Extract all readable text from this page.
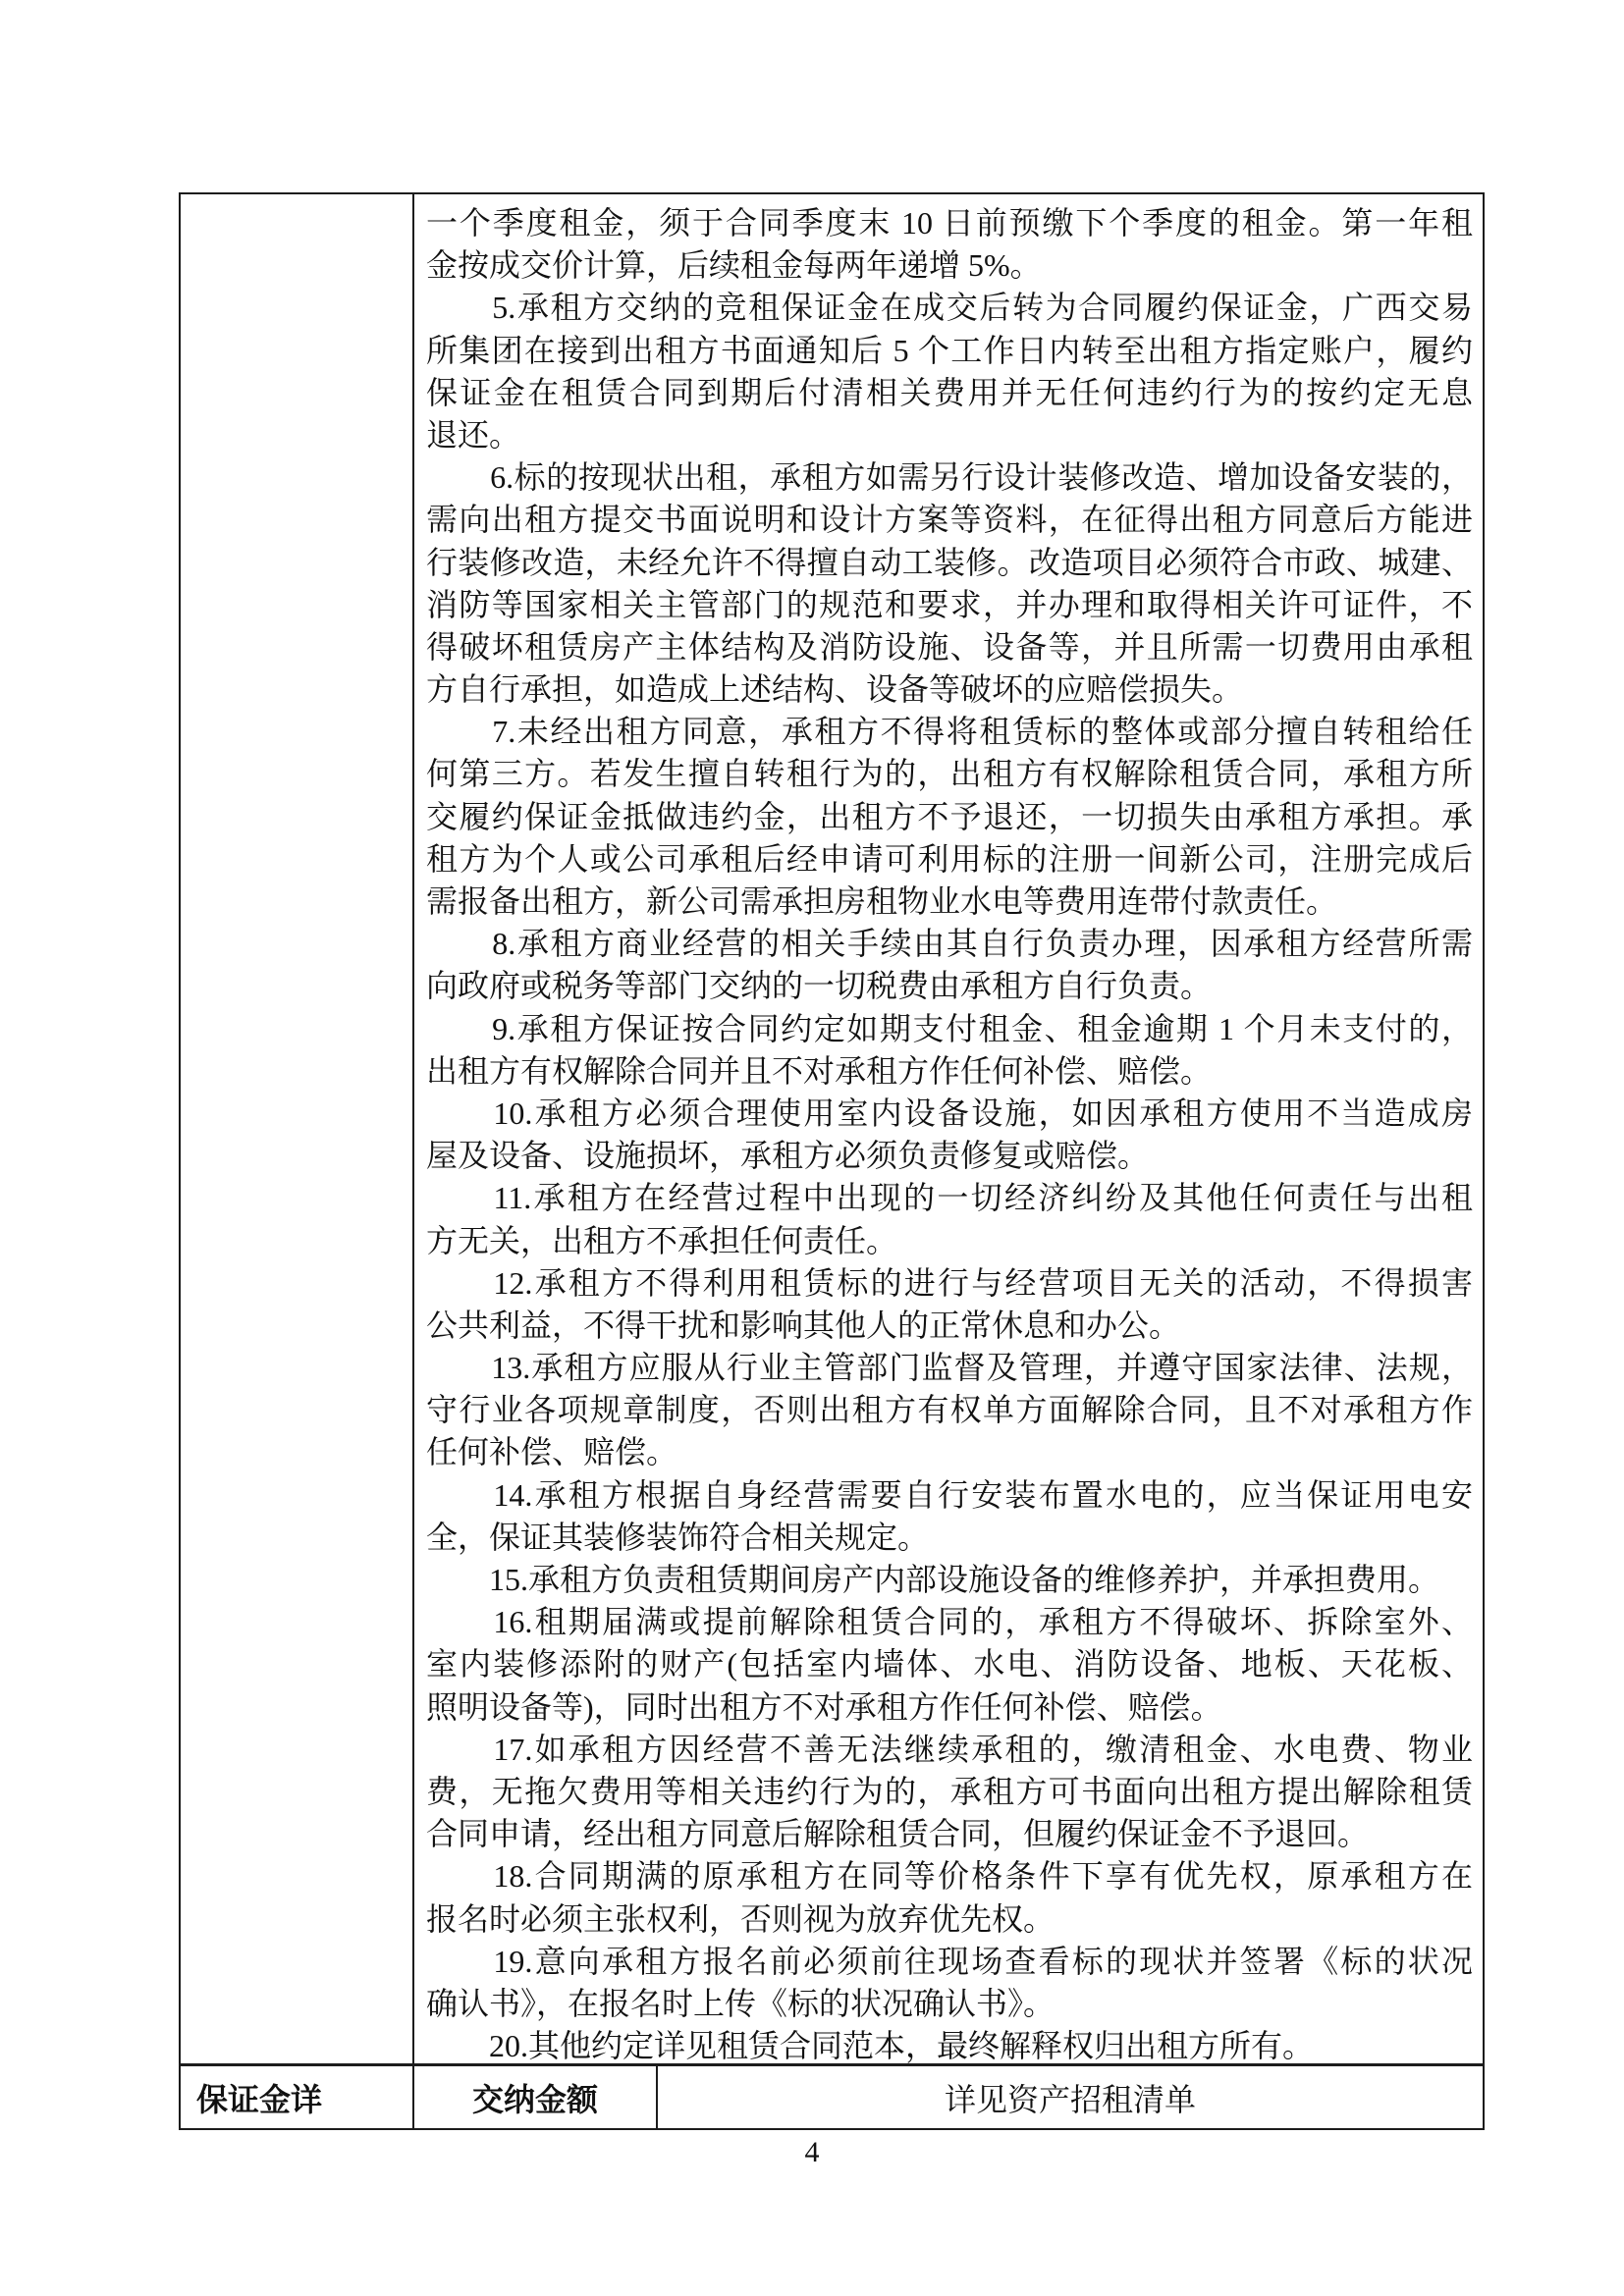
一个季度租金，须于合同季度末 10 日前预缴下个季度的租金。第一年租
金按成交价计算，后续租金每两年递增 5%。
　　5.承租方交纳的竞租保证金在成交后转为合同履约保证金，广西交易
所集团在接到出租方书面通知后 5 个工作日内转至出租方指定账户，履约
保证金在租赁合同到期后付清相关费用并无任何违约行为的按约定无息
退还。
　　6.标的按现状出租，承租方如需另行设计装修改造、增加设备安装的，
需向出租方提交书面说明和设计方案等资料，在征得出租方同意后方能进
行装修改造，未经允许不得擅自动工装修。改造项目必须符合市政、城建、
消防等国家相关主管部门的规范和要求，并办理和取得相关许可证件，不
得破坏租赁房产主体结构及消防设施、设备等，并且所需一切费用由承租
方自行承担，如造成上述结构、设备等破坏的应赔偿损失。
　　7.未经出租方同意，承租方不得将租赁标的整体或部分擅自转租给任
何第三方。若发生擅自转租行为的，出租方有权解除租赁合同，承租方所
交履约保证金抵做违约金，出租方不予退还，一切损失由承租方承担。承
租方为个人或公司承租后经申请可利用标的注册一间新公司，注册完成后
需报备出租方，新公司需承担房租物业水电等费用连带付款责任。
　　8.承租方商业经营的相关手续由其自行负责办理，因承租方经营所需
向政府或税务等部门交纳的一切税费由承租方自行负责。
　　9.承租方保证按合同约定如期支付租金、租金逾期 1 个月未支付的，
出租方有权解除合同并且不对承租方作任何补偿、赔偿。
　　10.承租方必须合理使用室内设备设施，如因承租方使用不当造成房
屋及设备、设施损坏，承租方必须负责修复或赔偿。
　　11.承租方在经营过程中出现的一切经济纠纷及其他任何责任与出租
方无关，出租方不承担任何责任。
　　12.承租方不得利用租赁标的进行与经营项目无关的活动，不得损害
公共利益，不得干扰和影响其他人的正常休息和办公。
　　13.承租方应服从行业主管部门监督及管理，并遵守国家法律、法规，
守行业各项规章制度，否则出租方有权单方面解除合同，且不对承租方作
任何补偿、赔偿。
　　14.承租方根据自身经营需要自行安装布置水电的，应当保证用电安
全，保证其装修装饰符合相关规定。
　　15.承租方负责租赁期间房产内部设施设备的维修养护，并承担费用。
　　16.租期届满或提前解除租赁合同的，承租方不得破坏、拆除室外、
室内装修添附的财产(包括室内墙体、水电、消防设备、地板、天花板、
照明设备等)，同时出租方不对承租方作任何补偿、赔偿。
　　17.如承租方因经营不善无法继续承租的，缴清租金、水电费、物业
费，无拖欠费用等相关违约行为的，承租方可书面向出租方提出解除租赁
合同申请，经出租方同意后解除租赁合同，但履约保证金不予退回。
　　18.合同期满的原承租方在同等价格条件下享有优先权，原承租方在
报名时必须主张权利，否则视为放弃优先权。
　　19.意向承租方报名前必须前往现场查看标的现状并签署《标的状况
确认书》，在报名时上传《标的状况确认书》。
　　20.其他约定详见租赁合同范本，最终解释权归出租方所有。
保证金详	交纳金额	详见资产招租清单
4
